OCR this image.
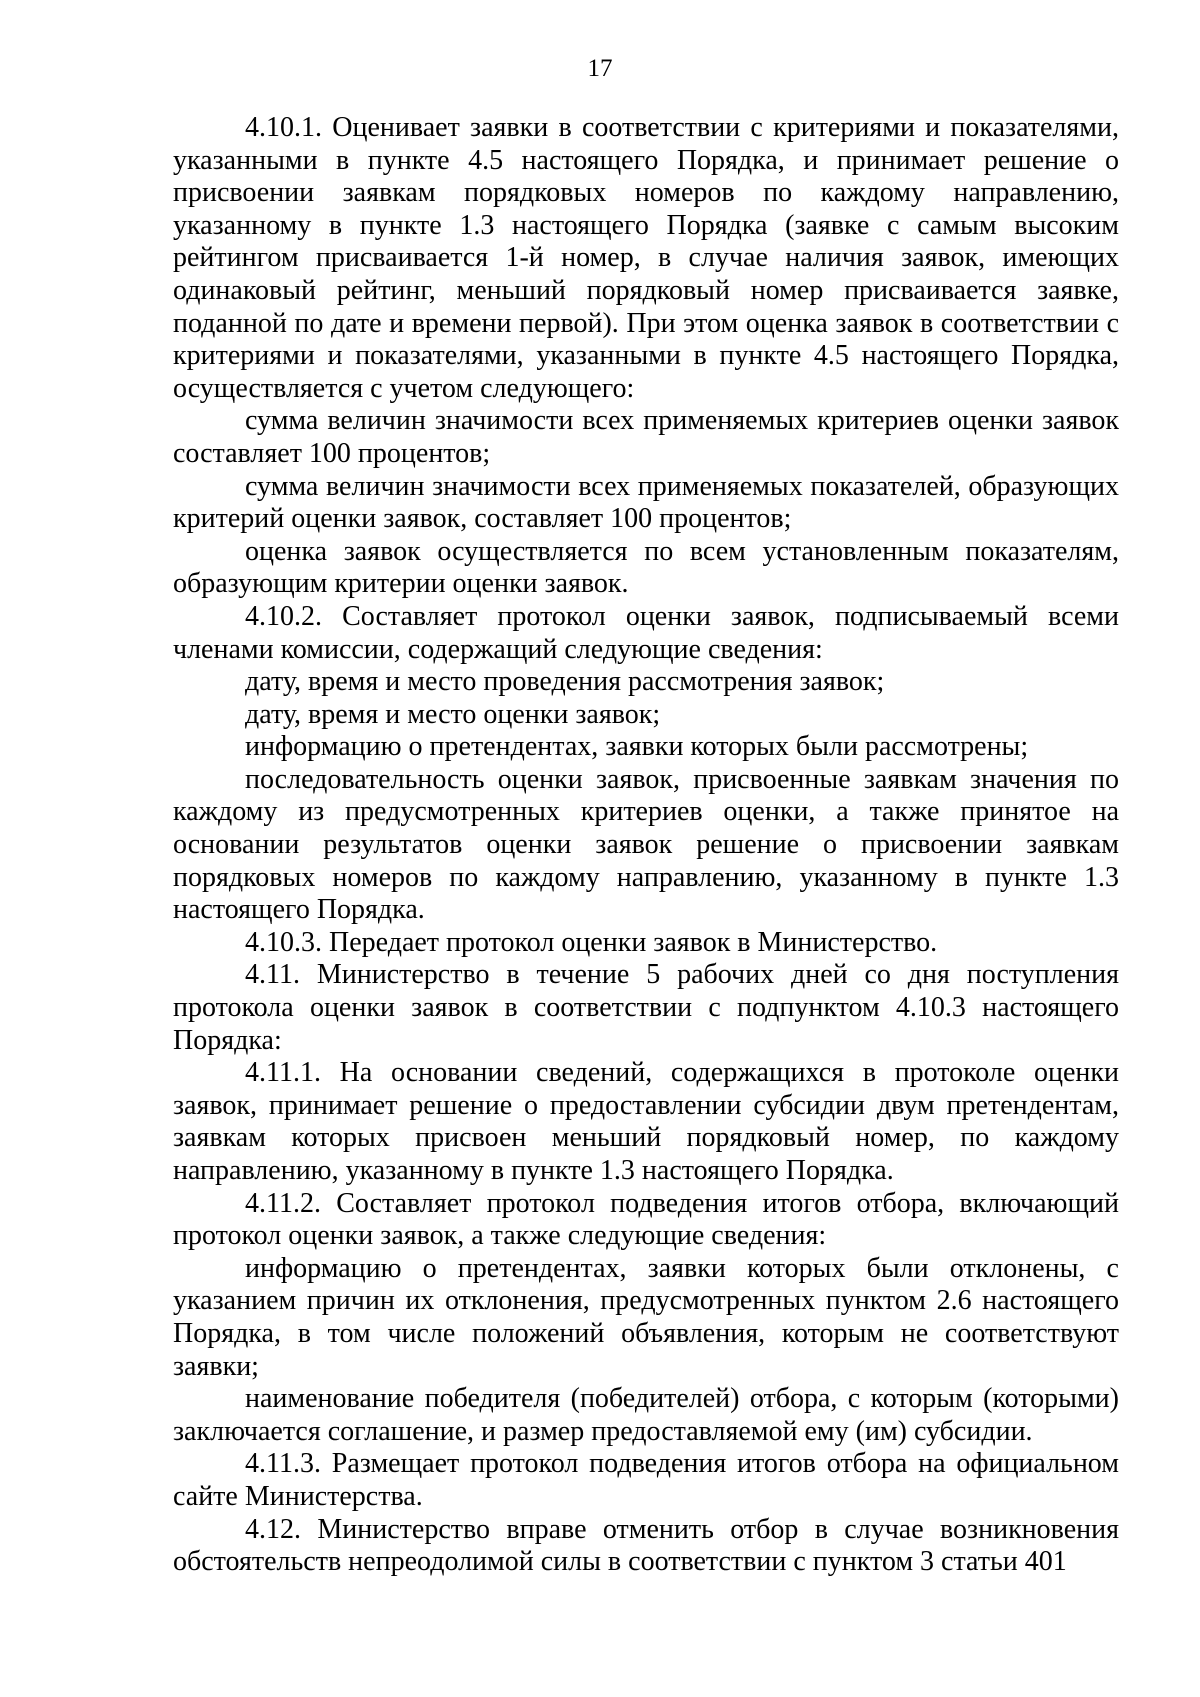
17

4.10.1. Оценивает заявки в соответствии с критериями и показателями, указанными в пункте 4.5 настоящего Порядка, и принимает решение о присвоении заявкам порядковых номеров по каждому направлению, указанному в пункте 1.3 настоящего Порядка (заявке с самым высоким рейтингом присваивается 1-й номер, в случае наличия заявок, имеющих одинаковый рейтинг, меньший порядковый номер присваивается заявке, поданной по дате и времени первой). При этом оценка заявок в соответствии с критериями и показателями, указанными в пункте 4.5 настоящего Порядка, осуществляется с учетом следующего:

сумма величин значимости всех применяемых критериев оценки заявок составляет 100 процентов;

сумма величин значимости всех применяемых показателей, образующих критерий оценки заявок, составляет 100 процентов;

оценка заявок осуществляется по всем установленным показателям, образующим критерии оценки заявок.

4.10.2. Составляет протокол оценки заявок, подписываемый всеми членами комиссии, содержащий следующие сведения:

дату, время и место проведения рассмотрения заявок;

дату, время и место оценки заявок;

информацию о претендентах, заявки которых были рассмотрены;

последовательность оценки заявок, присвоенные заявкам значения по каждому из предусмотренных критериев оценки, а также принятое на основании результатов оценки заявок решение о присвоении заявкам порядковых номеров по каждому направлению, указанному в пункте 1.3 настоящего Порядка.

4.10.3. Передает протокол оценки заявок в Министерство.

4.11. Министерство в течение 5 рабочих дней со дня поступления протокола оценки заявок в соответствии с подпунктом 4.10.3 настоящего Порядка:

4.11.1. На основании сведений, содержащихся в протоколе оценки заявок, принимает решение о предоставлении субсидии двум претендентам, заявкам которых присвоен меньший порядковый номер, по каждому направлению, указанному в пункте 1.3 настоящего Порядка.

4.11.2. Составляет протокол подведения итогов отбора, включающий протокол оценки заявок, а также следующие сведения:

информацию о претендентах, заявки которых были отклонены, с указанием причин их отклонения, предусмотренных пунктом 2.6 настоящего Порядка, в том числе положений объявления, которым не соответствуют заявки;

наименование победителя (победителей) отбора, с которым (которыми) заключается соглашение, и размер предоставляемой ему (им) субсидии.

4.11.3. Размещает протокол подведения итогов отбора на официальном сайте Министерства.

4.12. Министерство вправе отменить отбор в случае возникновения обстоятельств непреодолимой силы в соответствии с пунктом 3 статьи 401
